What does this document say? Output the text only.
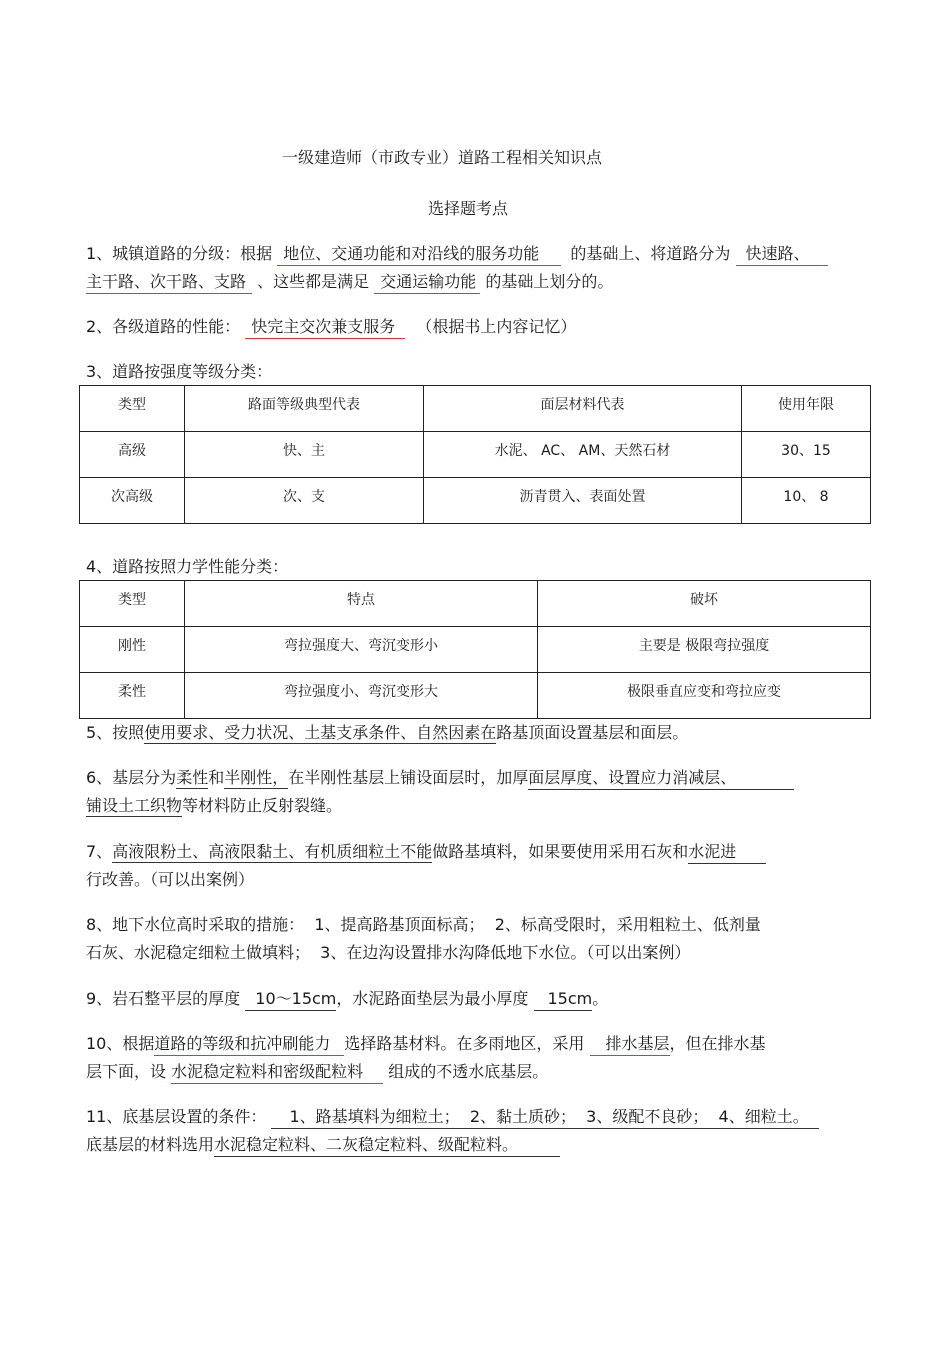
一级建造师（市政专业）道路工程相关知识点
选择题考点
1、城镇道路的分级：根据 地位、交通功能和对沿线的服务功能 的基础上、将道路分为 快速路、
主干路、次干路、支路 、这些都是满足 交通运输功能 的基础上划分的。
2、各级道路的性能： 快完主交次兼支服务 （根据书上内容记忆）
3、道路按强度等级分类：
类型	路面等级典型代表	面层材料代表	使用年限
高级	快、主	水泥、 AC、 AM、天然石材	30、15
次高级	次、支	沥青贯入、表面处置	10、 8
4、道路按照力学性能分类：
类型	特点	破坏
刚性	弯拉强度大、弯沉变形小	主要是 极限弯拉强度
柔性	弯拉强度小、弯沉变形大	极限垂直应变和弯拉应变
5、按照使用要求、受力状况、土基支承条件、自然因素在路基顶面设置基层和面层。
6、基层分为柔性和半刚性，在半刚性基层上铺设面层时，加厚面层厚度、设置应力消减层、
铺设土工织物等材料防止反射裂缝。
7、高液限粉土、高液限黏土、有机质细粒土不能做路基填料，如果要使用采用石灰和水泥进
行改善。（可以出案例）
8、地下水位高时采取的措施：  1、提高路基顶面标高；  2、标高受限时，采用粗粒土、低剂量
石灰、水泥稳定细粒土做填料；  3、在边沟设置排水沟降低地下水位。（可以出案例）
9、岩石整平层的厚度 10～15cm，水泥路面垫层为最小厚度 15cm。
10、根据道路的等级和抗冲刷能力 选择路基材料。在多雨地区，采用 排水基层，但在排水基
层下面，设 水泥稳定粒料和密级配粒料 组成的不透水底基层。
11、底基层设置的条件： 1、路基填料为细粒土；  2、黏土质砂；  3、级配不良砂；  4、细粒土。
底基层的材料选用水泥稳定粒料、二灰稳定粒料、级配粒料。
